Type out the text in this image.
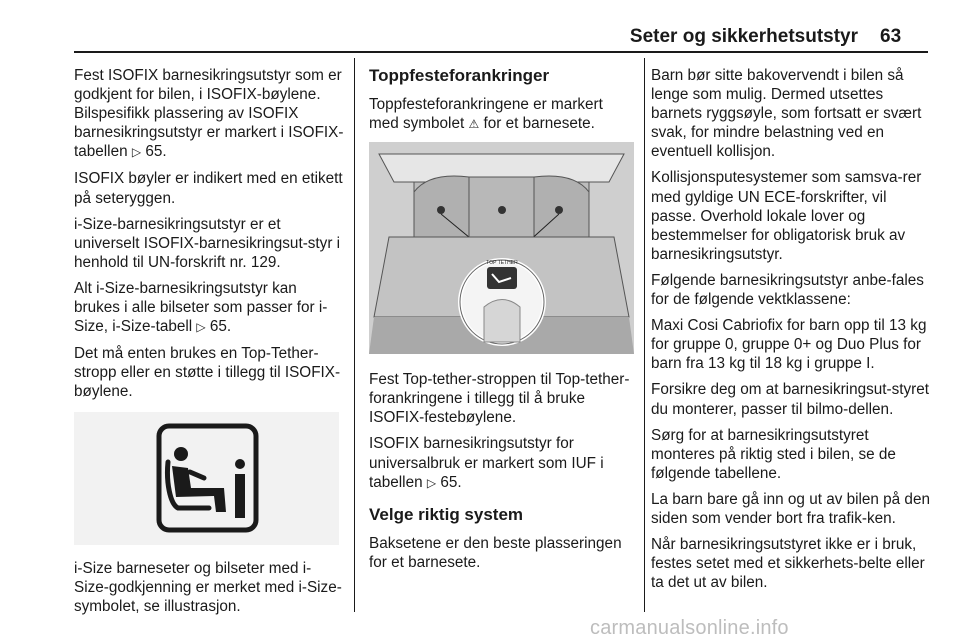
Seter og sikkerhetsutstyr 63

Fest ISOFIX barnesikringsutstyr som er godkjent for bilen, i ISOFIX-bøylene. Bilspesifikk plassering av ISOFIX barnesikringsutstyr er markert i ISOFIX-tabellen ▷ 65.

ISOFIX bøyler er indikert med en etikett på seteryggen.

i-Size-barnesikringsutstyr er et universelt ISOFIX-barnesikringsut-styr i henhold til UN-forskrift nr. 129.

Alt i-Size-barnesikringsutstyr kan brukes i alle bilseter som passer for i-Size, i-Size-tabell ▷ 65.

Det må enten brukes en Top-Tether-stropp eller en støtte i tillegg til ISOFIX-bøylene.

i-Size barneseter og bilseter med i-Size-godkjenning er merket med i-Size-symbolet, se illustrasjon.

Toppfesteforankringer

Toppfesteforankringene er markert med symbolet ⚠ for et barnesete.

TOP TETHER

Fest Top-tether-stroppen til Top-tether-forankringene i tillegg til å bruke ISOFIX-festebøylene.

ISOFIX barnesikringsutstyr for universalbruk er markert som IUF i tabellen ▷ 65.

Velge riktig system

Baksetene er den beste plasseringen for et barnesete.

Barn bør sitte bakovervendt i bilen så lenge som mulig. Dermed utsettes barnets ryggsøyle, som fortsatt er svært svak, for mindre belastning ved en eventuell kollisjon.

Kollisjonsputesystemer som samsva-rer med gyldige UN ECE-forskrifter, vil passe. Overhold lokale lover og bestemmelser for obligatorisk bruk av barnesikringsutstyr.

Følgende barnesikringsutstyr anbe-fales for de følgende vektklassene:

Maxi Cosi Cabriofix for barn opp til 13 kg for gruppe 0, gruppe 0+ og Duo Plus for barn fra 13 kg til 18 kg i gruppe I.

Forsikre deg om at barnesikringsut-styret du monterer, passer til bilmo-dellen.

Sørg for at barnesikringsutstyret monteres på riktig sted i bilen, se de følgende tabellene.

La barn bare gå inn og ut av bilen på den siden som vender bort fra trafik-ken.

Når barnesikringsutstyret ikke er i bruk, festes setet med et sikkerhets-belte eller ta det ut av bilen.

carmanualsonline.info
